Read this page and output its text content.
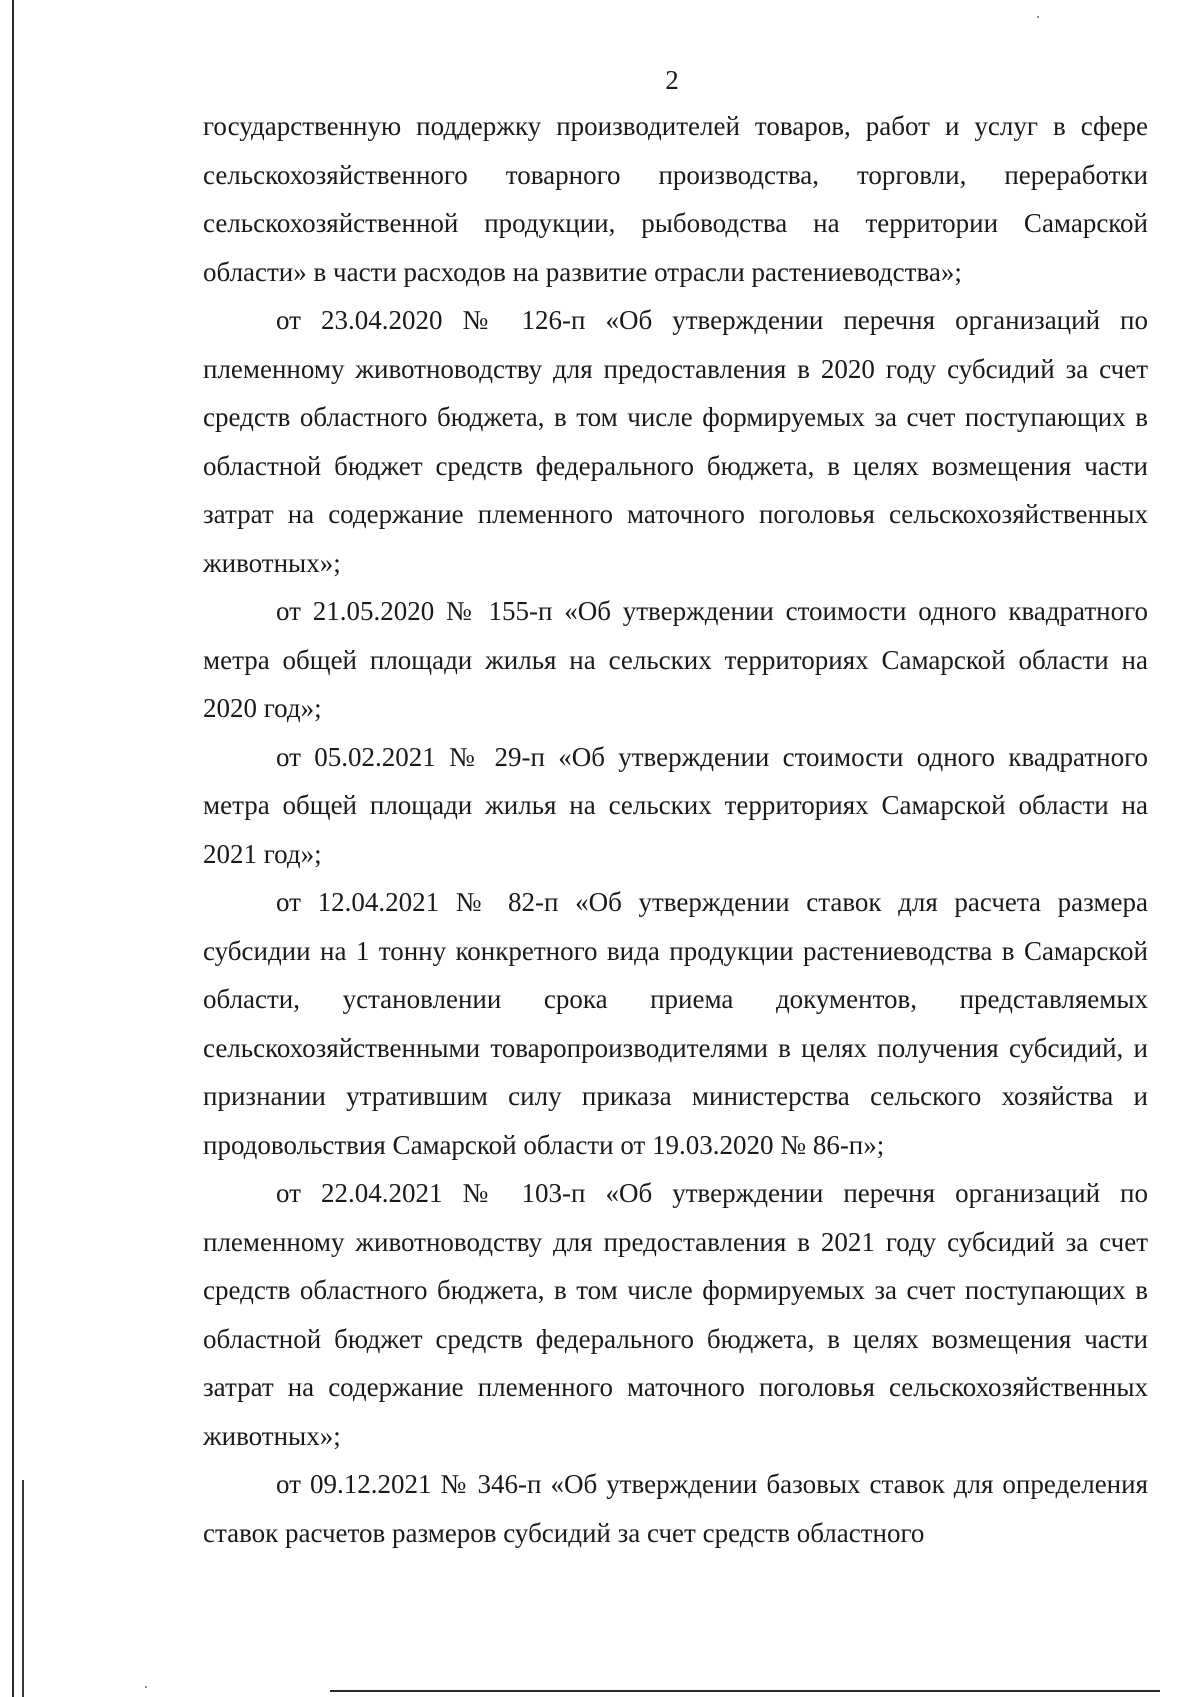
2

государственную поддержку производителей товаров, работ и услуг в сфере сельскохозяйственного товарного производства, торговли, переработки сельскохозяйственной продукции, рыбоводства на территории Самарской области» в части расходов на развитие отрасли растениеводства»;

от 23.04.2020 № 126-п «Об утверждении перечня организаций по племенному животноводству для предоставления в 2020 году субсидий за счет средств областного бюджета, в том числе формируемых за счет поступающих в областной бюджет средств федерального бюджета, в целях возмещения части затрат на содержание племенного маточного поголовья сельскохозяйственных животных»;

от 21.05.2020 № 155-п «Об утверждении стоимости одного квадратного метра общей площади жилья на сельских территориях Самарской области на 2020 год»;

от 05.02.2021 № 29-п «Об утверждении стоимости одного квадратного метра общей площади жилья на сельских территориях Самарской области на 2021 год»;

от 12.04.2021 № 82-п «Об утверждении ставок для расчета размера субсидии на 1 тонну конкретного вида продукции растениеводства в Самарской области, установлении срока приема документов, представляемых сельскохозяйственными товаропроизводителями в целях получения субсидий, и признании утратившим силу приказа министерства сельского хозяйства и продовольствия Самарской области от 19.03.2020 № 86-п»;

от 22.04.2021 № 103-п «Об утверждении перечня организаций по племенному животноводству для предоставления в 2021 году субсидий за счет средств областного бюджета, в том числе формируемых за счет поступающих в областной бюджет средств федерального бюджета, в целях возмещения части затрат на содержание племенного маточного поголовья сельскохозяйственных животных»;

от 09.12.2021 № 346-п «Об утверждении базовых ставок для определения ставок расчетов размеров субсидий за счет средств областного
